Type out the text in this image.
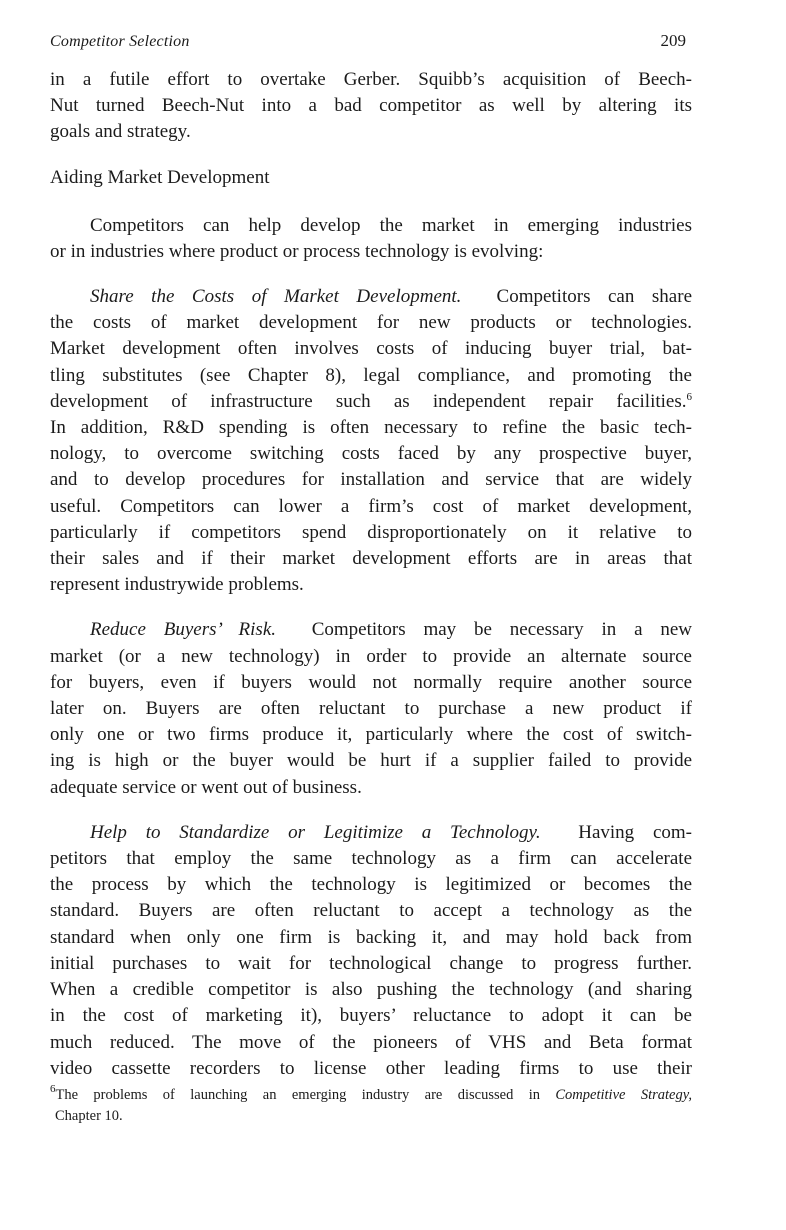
Competitor Selection	209

in a futile effort to overtake Gerber. Squibb’s acquisition of Beech-
Nut turned Beech-Nut into a bad competitor as well by altering its
goals and strategy.

Aiding Market Development

Competitors can help develop the market in emerging industries
or in industries where product or process technology is evolving:

Share the Costs of Market Development. Competitors can share
the costs of market development for new products or technologies.
Market development often involves costs of inducing buyer trial, bat-
tling substitutes (see Chapter 8), legal compliance, and promoting the
development of infrastructure such as independent repair facilities.$^6$
In addition, R&D spending is often necessary to refine the basic tech-
nology, to overcome switching costs faced by any prospective buyer,
and to develop procedures for installation and service that are widely
useful. Competitors can lower a firm’s cost of market development,
particularly if competitors spend disproportionately on it relative to
their sales and if their market development efforts are in areas that
represent industrywide problems.

Reduce Buyers’ Risk. Competitors may be necessary in a new
market (or a new technology) in order to provide an alternate source
for buyers, even if buyers would not normally require another source
later on. Buyers are often reluctant to purchase a new product if
only one or two firms produce it, particularly where the cost of switch-
ing is high or the buyer would be hurt if a supplier failed to provide
adequate service or went out of business.

Help to Standardize or Legitimize a Technology. Having com-
petitors that employ the same technology as a firm can accelerate
the process by which the technology is legitimized or becomes the
standard. Buyers are often reluctant to accept a technology as the
standard when only one firm is backing it, and may hold back from
initial purchases to wait for technological change to progress further.
When a credible competitor is also pushing the technology (and sharing
in the cost of marketing it), buyers’ reluctance to adopt it can be
much reduced. The move of the pioneers of VHS and Beta format
video cassette recorders to license other leading firms to use their

$^6$The problems of launching an emerging industry are discussed in Competitive Strategy,
Chapter 10.
